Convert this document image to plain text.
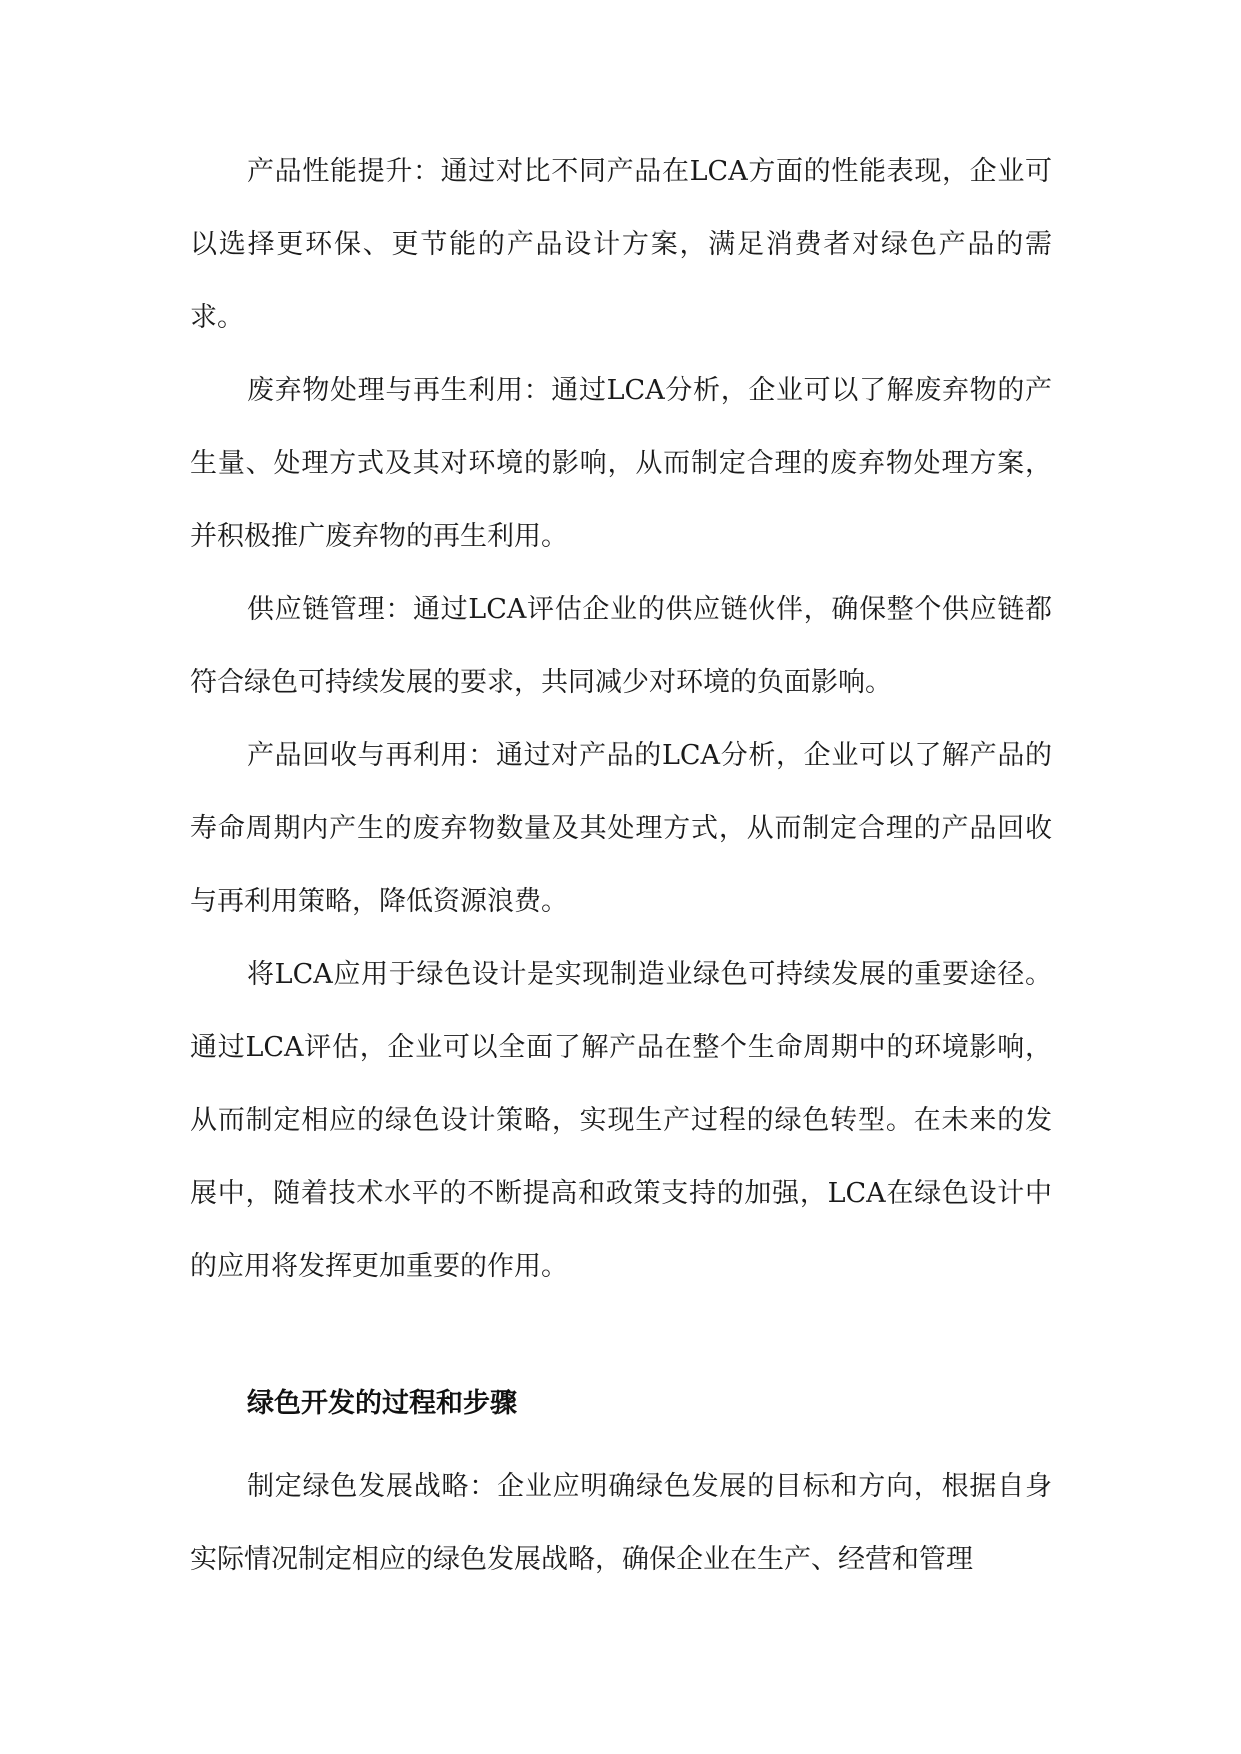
产品性能提升：通过对比不同产品在LCA方面的性能表现，企业可以选择更环保、更节能的产品设计方案，满足消费者对绿色产品的需求。

废弃物处理与再生利用：通过LCA分析，企业可以了解废弃物的产生量、处理方式及其对环境的影响，从而制定合理的废弃物处理方案，并积极推广废弃物的再生利用。

供应链管理：通过LCA评估企业的供应链伙伴，确保整个供应链都符合绿色可持续发展的要求，共同减少对环境的负面影响。

产品回收与再利用：通过对产品的LCA分析，企业可以了解产品的寿命周期内产生的废弃物数量及其处理方式，从而制定合理的产品回收与再利用策略，降低资源浪费。

将LCA应用于绿色设计是实现制造业绿色可持续发展的重要途径。通过LCA评估，企业可以全面了解产品在整个生命周期中的环境影响，从而制定相应的绿色设计策略，实现生产过程的绿色转型。在未来的发展中，随着技术水平的不断提高和政策支持的加强，LCA在绿色设计中的应用将发挥更加重要的作用。

绿色开发的过程和步骤

制定绿色发展战略：企业应明确绿色发展的目标和方向，根据自身实际情况制定相应的绿色发展战略，确保企业在生产、经营和管理
